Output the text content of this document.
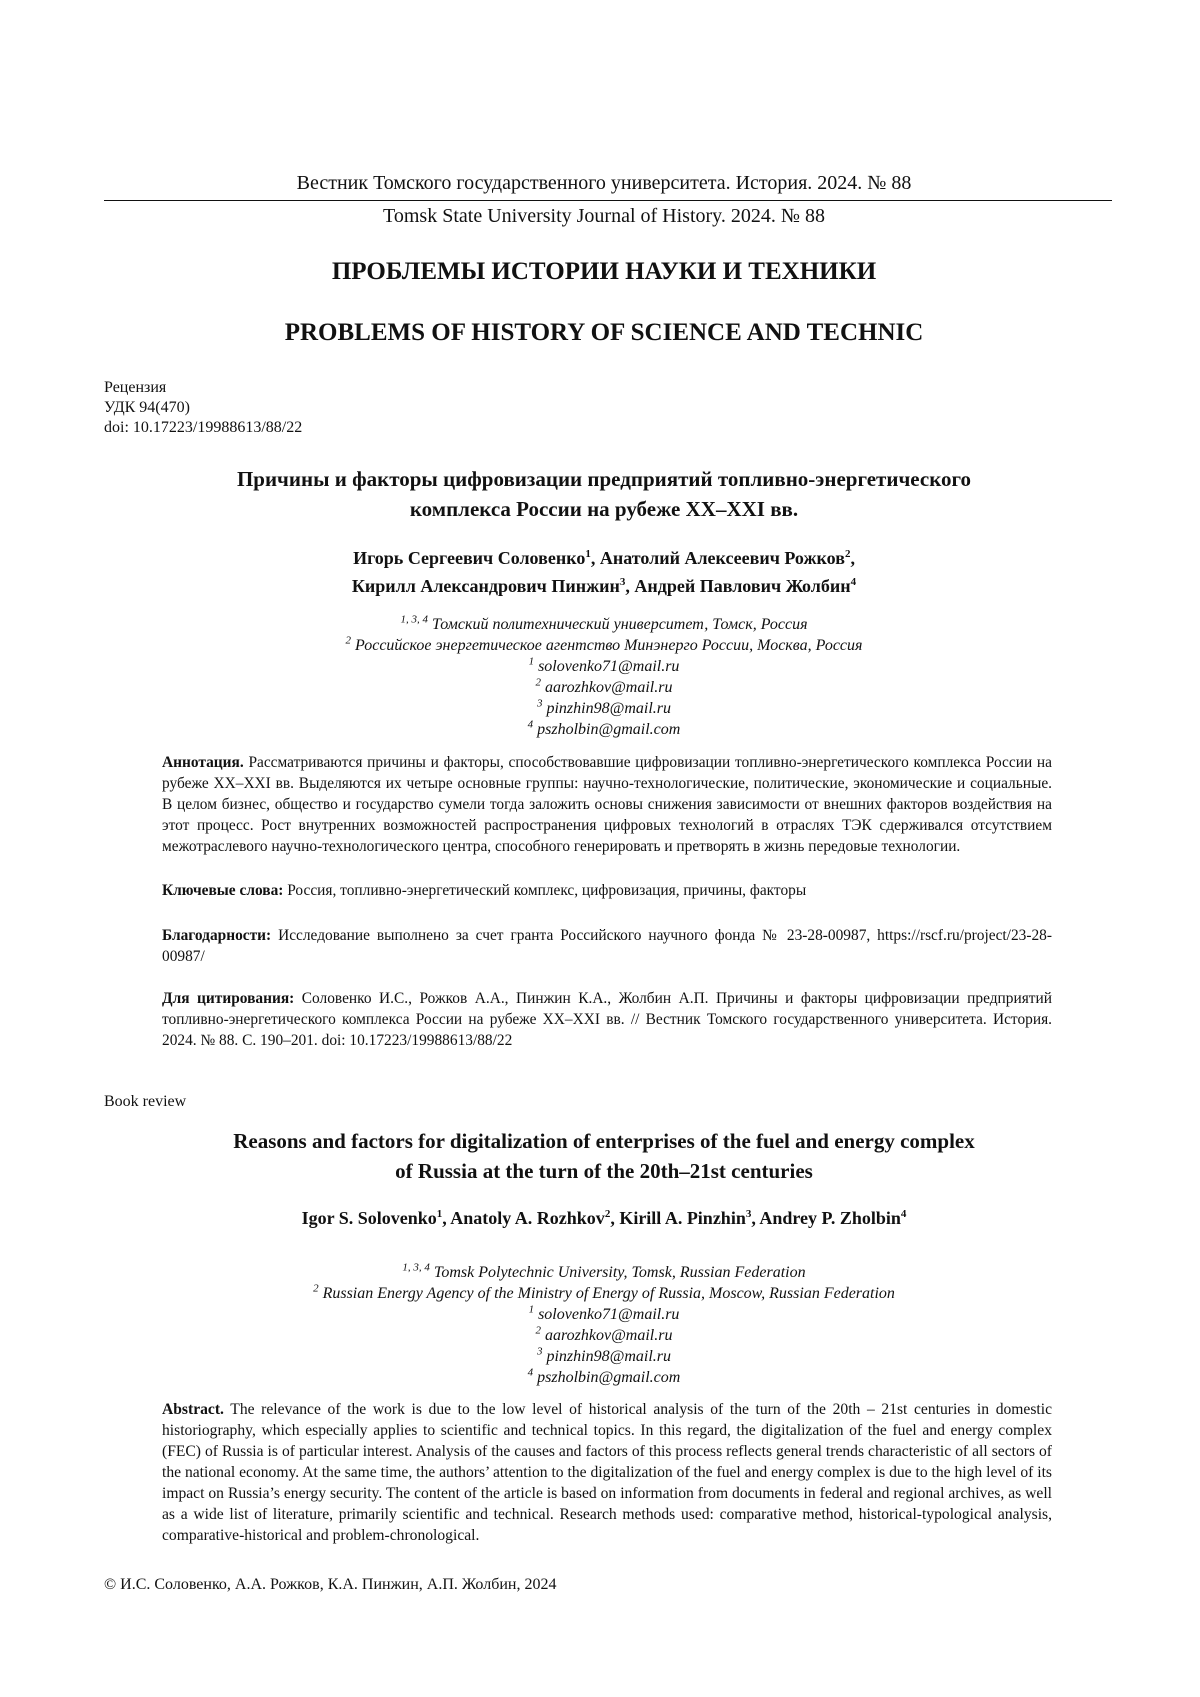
Вестник Томского государственного университета. История. 2024. № 88
Tomsk State University Journal of History. 2024. № 88
ПРОБЛЕМЫ ИСТОРИИ НАУКИ И ТЕХНИКИ
PROBLEMS OF HISTORY OF SCIENCE AND TECHNIC
Рецензия
УДК 94(470)
doi: 10.17223/19988613/88/22
Причины и факторы цифровизации предприятий топливно-энергетического
комплекса России на рубеже XX–XXI вв.
Игорь Сергеевич Соловенко$^1$, Анатолий Алексеевич Рожков$^2$,
Кирилл Александрович Пинжин$^3$, Андрей Павлович Жолбин$^4$
$^{1, 3, 4}$ Томский политехнический университет, Томск, Россия
$^2$ Российское энергетическое агентство Минэнерго России, Москва, Россия
$^1$ solovenko71@mail.ru
$^2$ aarozhkov@mail.ru
$^3$ pinzhin98@mail.ru
$^4$ pszholbin@gmail.com
Аннотация. Рассматриваются причины и факторы, способствовавшие цифровизации топливно-энергетического комплекса России на рубеже XX–XXI вв. Выделяются их четыре основные группы: научно-технологические, политические, экономические и социальные. В целом бизнес, общество и государство сумели тогда заложить основы снижения зависимости от внешних факторов воздействия на этот процесс. Рост внутренних возможностей распространения цифровых технологий в отраслях ТЭК сдерживался отсутствием межотраслевого научно-технологического центра, способного генерировать и претворять в жизнь передовые технологии.
Ключевые слова: Россия, топливно-энергетический комплекс, цифровизация, причины, факторы
Благодарности: Исследование выполнено за счет гранта Российского научного фонда № 23-28-00987, https://rscf.ru/project/23-28-00987/
Для цитирования: Соловенко И.С., Рожков А.А., Пинжин К.А., Жолбин А.П. Причины и факторы цифровизации предприятий топливно-энергетического комплекса России на рубеже XX–XXI вв. // Вестник Томского государственного университета. История. 2024. № 88. С. 190–201. doi: 10.17223/19988613/88/22
Book review
Reasons and factors for digitalization of enterprises of the fuel and energy complex
of Russia at the turn of the 20th–21st centuries
Igor S. Solovenko$^1$, Anatoly A. Rozhkov$^2$, Kirill A. Pinzhin$^3$, Andrey P. Zholbin$^4$
$^{1, 3, 4}$ Tomsk Polytechnic University, Tomsk, Russian Federation
$^2$ Russian Energy Agency of the Ministry of Energy of Russia, Moscow, Russian Federation
$^1$ solovenko71@mail.ru
$^2$ aarozhkov@mail.ru
$^3$ pinzhin98@mail.ru
$^4$ pszholbin@gmail.com
Abstract. The relevance of the work is due to the low level of historical analysis of the turn of the 20th – 21st centuries in domestic historiography, which especially applies to scientific and technical topics. In this regard, the digitalization of the fuel and energy complex (FEC) of Russia is of particular interest. Analysis of the causes and factors of this process reflects general trends characteristic of all sectors of the national economy. At the same time, the authors’ attention to the digitalization of the fuel and energy complex is due to the high level of its impact on Russia’s energy security. The content of the article is based on information from documents in federal and regional archives, as well as a wide list of literature, primarily scientific and technical. Research methods used: comparative method, historical-typological analysis, comparative-historical and problem-chronological.
© И.С. Соловенко, А.А. Рожков, К.А. Пинжин, А.П. Жолбин, 2024
